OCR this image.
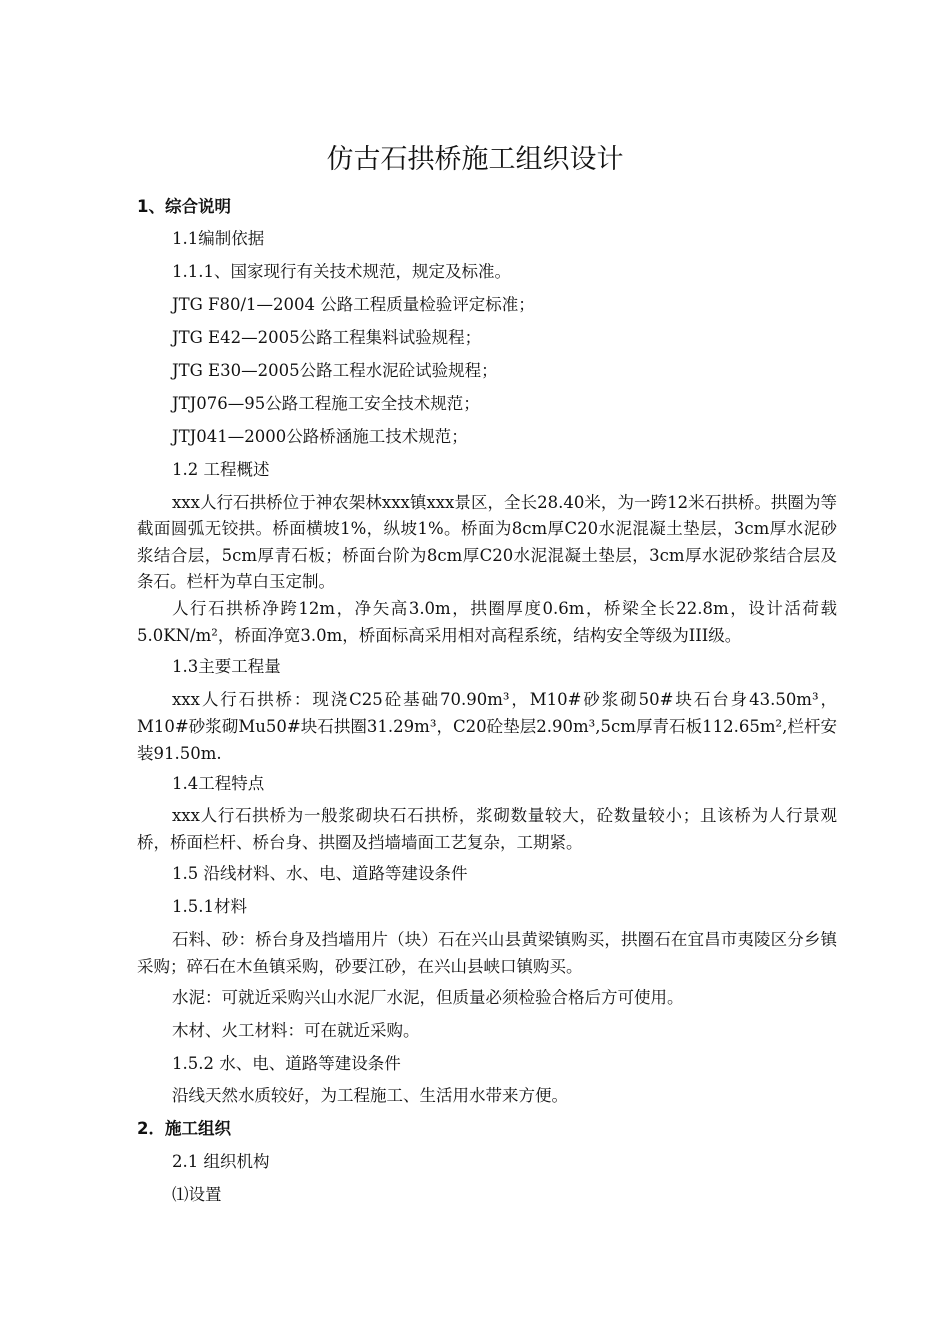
仿古石拱桥施工组织设计
1、综合说明
1.1编制依据
1.1.1、国家现行有关技术规范，规定及标准。
JTG F80/1—2004 公路工程质量检验评定标准；
JTG E42—2005公路工程集料试验规程；
JTG E30—2005公路工程水泥砼试验规程；
JTJ076—95公路工程施工安全技术规范；
JTJ041—2000公路桥涵施工技术规范；
1.2 工程概述
xxx人行石拱桥位于神农架林xxx镇xxx景区，全长28.40米，为一跨12米石拱桥。拱圈为等截面圆弧无铰拱。桥面横坡1%，纵坡1%。桥面为8cm厚C20水泥混凝土垫层，3cm厚水泥砂浆结合层，5cm厚青石板；桥面台阶为8cm厚C20水泥混凝土垫层，3cm厚水泥砂浆结合层及条石。栏杆为草白玉定制。
人行石拱桥净跨12m，净矢高3.0m，拱圈厚度0.6m，桥梁全长22.8m，设计活荷载5.0KN/m²，桥面净宽3.0m，桥面标高采用相对高程系统，结构安全等级为III级。
1.3主要工程量
xxx人行石拱桥：现浇C25砼基础70.90m³，M10#砂浆砌50#块石台身43.50m³，M10#砂浆砌Mu50#块石拱圈31.29m³，C20砼垫层2.90m³,5cm厚青石板112.65m²,栏杆安装91.50m.
1.4工程特点
xxx人行石拱桥为一般浆砌块石石拱桥，浆砌数量较大，砼数量较小；且该桥为人行景观桥，桥面栏杆、桥台身、拱圈及挡墙墙面工艺复杂，工期紧。
1.5 沿线材料、水、电、道路等建设条件
1.5.1材料
石料、砂：桥台身及挡墙用片（块）石在兴山县黄梁镇购买，拱圈石在宜昌市夷陵区分乡镇采购；碎石在木鱼镇采购，砂要江砂，在兴山县峡口镇购买。
水泥：可就近采购兴山水泥厂水泥，但质量必须检验合格后方可使用。
木材、火工材料：可在就近采购。
1.5.2 水、电、道路等建设条件
沿线天然水质较好，为工程施工、生活用水带来方便。
2．施工组织
2.1 组织机构
⑴设置
